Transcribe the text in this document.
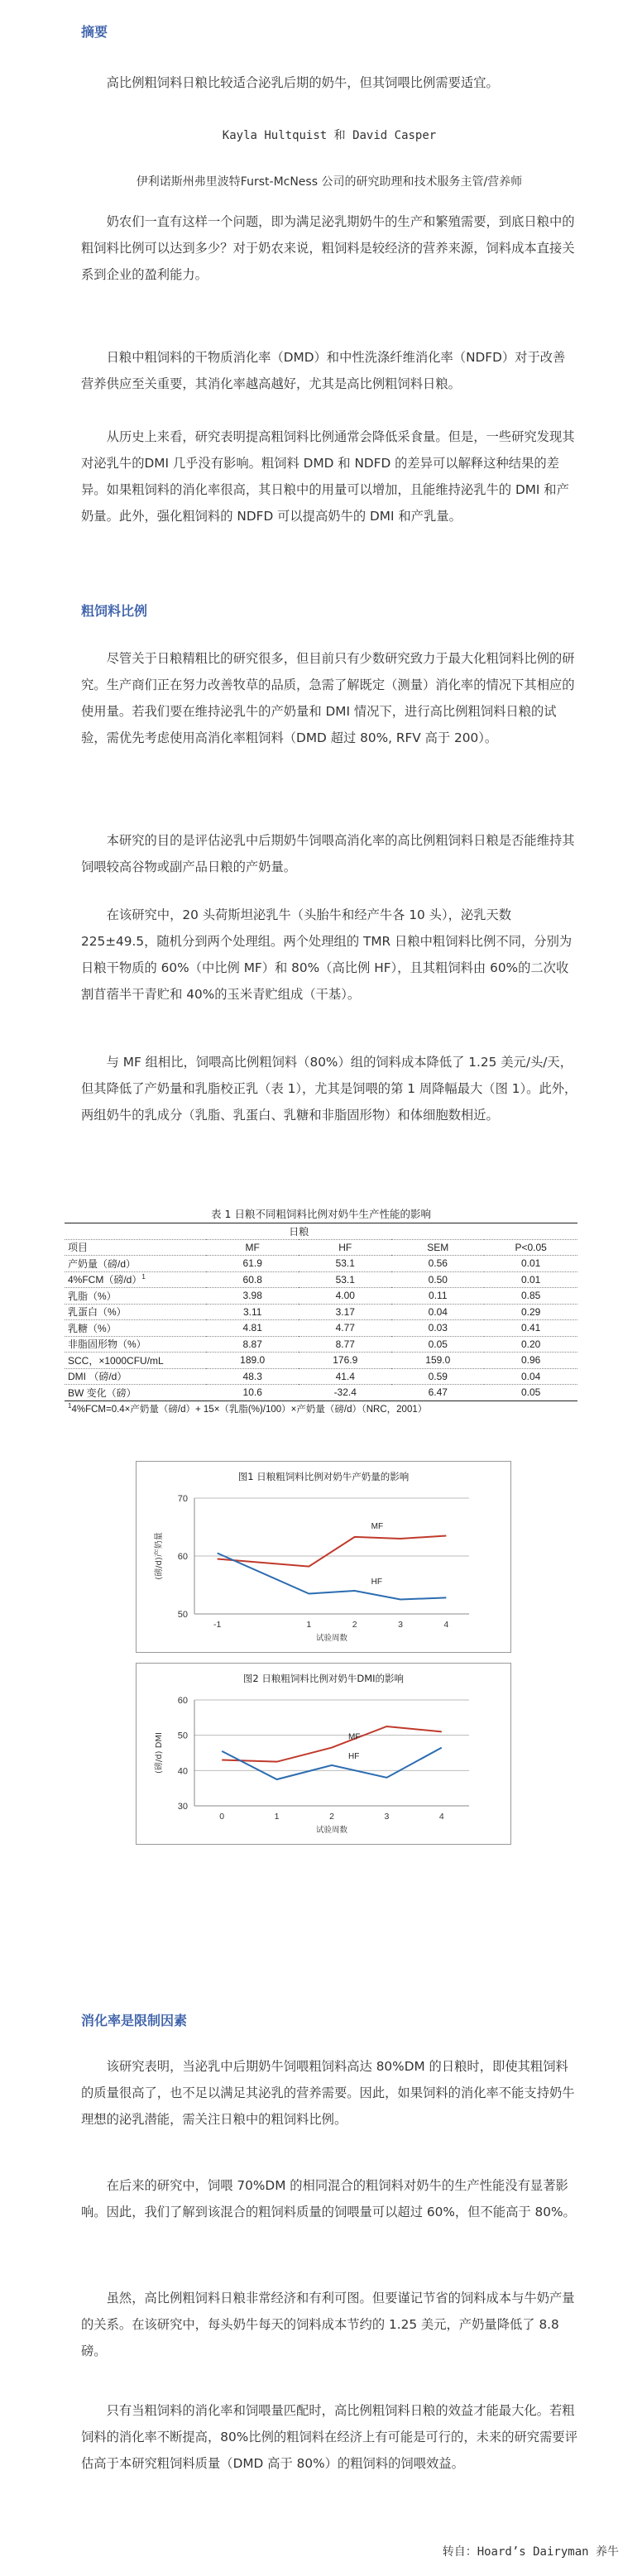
摘要

高比例粗饲料日粮比较适合泌乳后期的奶牛，但其饲喂比例需要适宜。

Kayla Hultquist 和 David Casper
伊利诺斯州弗里波特Furst-McNess 公司的研究助理和技术服务主管/营养师

奶农们一直有这样一个问题，即为满足泌乳期奶牛的生产和繁殖需要，到底日粮中的粗饲料比例可以达到多少？对于奶农来说，粗饲料是较经济的营养来源，饲料成本直接关系到企业的盈利能力。

日粮中粗饲料的干物质消化率（DMD）和中性洗涤纤维消化率（NDFD）对于改善营养供应至关重要，其消化率越高越好，尤其是高比例粗饲料日粮。

从历史上来看，研究表明提高粗饲料比例通常会降低采食量。但是，一些研究发现其对泌乳牛的DMI 几乎没有影响。粗饲料 DMD 和 NDFD 的差异可以解释这种结果的差异。如果粗饲料的消化率很高，其日粮中的用量可以增加，且能维持泌乳牛的 DMI 和产奶量。此外，强化粗饲料的 NDFD 可以提高奶牛的 DMI 和产乳量。

粗饲料比例

尽管关于日粮精粗比的研究很多，但目前只有少数研究致力于最大化粗饲料比例的研究。生产商们正在努力改善牧草的品质，急需了解既定（测量）消化率的情况下其相应的使用量。若我们要在维持泌乳牛的产奶量和 DMI 情况下，进行高比例粗饲料日粮的试验，需优先考虑使用高消化率粗饲料（DMD 超过 80%, RFV 高于 200）。

本研究的目的是评估泌乳中后期奶牛饲喂高消化率的高比例粗饲料日粮是否能维持其饲喂较高谷物或副产品日粮的产奶量。

在该研究中，20 头荷斯坦泌乳牛（头胎牛和经产牛各 10 头），泌乳天数 225±49.5，随机分到两个处理组。两个处理组的 TMR 日粮中粗饲料比例不同，分别为日粮干物质的 60%（中比例 MF）和 80%（高比例 HF），且其粗饲料由 60%的二次收割苜蓿半干青贮和 40%的玉米青贮组成（干基）。

与 MF 组相比，饲喂高比例粗饲料（80%）组的饲料成本降低了 1.25 美元/头/天，但其降低了产奶量和乳脂校正乳（表 1），尤其是饲喂的第 1 周降幅最大（图 1）。此外，两组奶牛的乳成分（乳脂、乳蛋白、乳糖和非脂固形物）和体细胞数相近。

表 1 日粮不同粗饲料比例对奶牛生产性能的影响
	日粮			
项目	MF	HF	SEM	P<0.05
产奶量（磅/d）	61.9	53.1	0.56	0.01
4%FCM（磅/d）$^1$	60.8	53.1	0.50	0.01
乳脂（%）	3.98	4.00	0.11	0.85
乳蛋白（%）	3.11	3.17	0.04	0.29
乳糖（%）	4.81	4.77	0.03	0.41
非脂固形物（%）	8.87	8.77	0.05	0.20
SCC，×1000CFU/mL	189.0	176.9	159.0	0.96
DMI （磅/d）	48.3	41.4	0.59	0.04
BW 变化（磅）	10.6	-32.4	6.47	0.05
$^1$4%FCM=0.4×产奶量（磅/d）+ 15×（乳脂(%)/100）×产奶量（磅/d）（NRC，2001）				
图1 日粮粗饲料比例对奶牛产奶量的影响
50
60
70
-1	1	2	3	4
试验周数
(磅/d)产奶量
MF
HF
图2 日粮粗饲料比例对奶牛DMI的影响
30
40
50
60
0	1	2	3	4
试验周数
(磅/d) DMI	MF
HF
消化率是限制因素

该研究表明，当泌乳中后期奶牛饲喂粗饲料高达 80%DM 的日粮时，即使其粗饲料的质量很高了，也不足以满足其泌乳的营养需要。因此，如果饲料的消化率不能支持奶牛理想的泌乳潜能，需关注日粮中的粗饲料比例。

在后来的研究中，饲喂 70%DM 的相同混合的粗饲料对奶牛的生产性能没有显著影响。因此，我们了解到该混合的粗饲料质量的饲喂量可以超过 60%，但不能高于 80%。

虽然，高比例粗饲料日粮非常经济和有利可图。但要谨记节省的饲料成本与牛奶产量的关系。在该研究中，每头奶牛每天的饲料成本节约的 1.25 美元，产奶量降低了 8.8 磅。

只有当粗饲料的消化率和饲喂量匹配时，高比例粗饲料日粮的效益才能最大化。若粗饲料的消化率不断提高，80%比例的粗饲料在经济上有可能是可行的，未来的研究需要评估高于本研究粗饲料质量（DMD 高于 80%）的粗饲料的饲喂效益。

转自：Hoard’s Dairyman 养牛
